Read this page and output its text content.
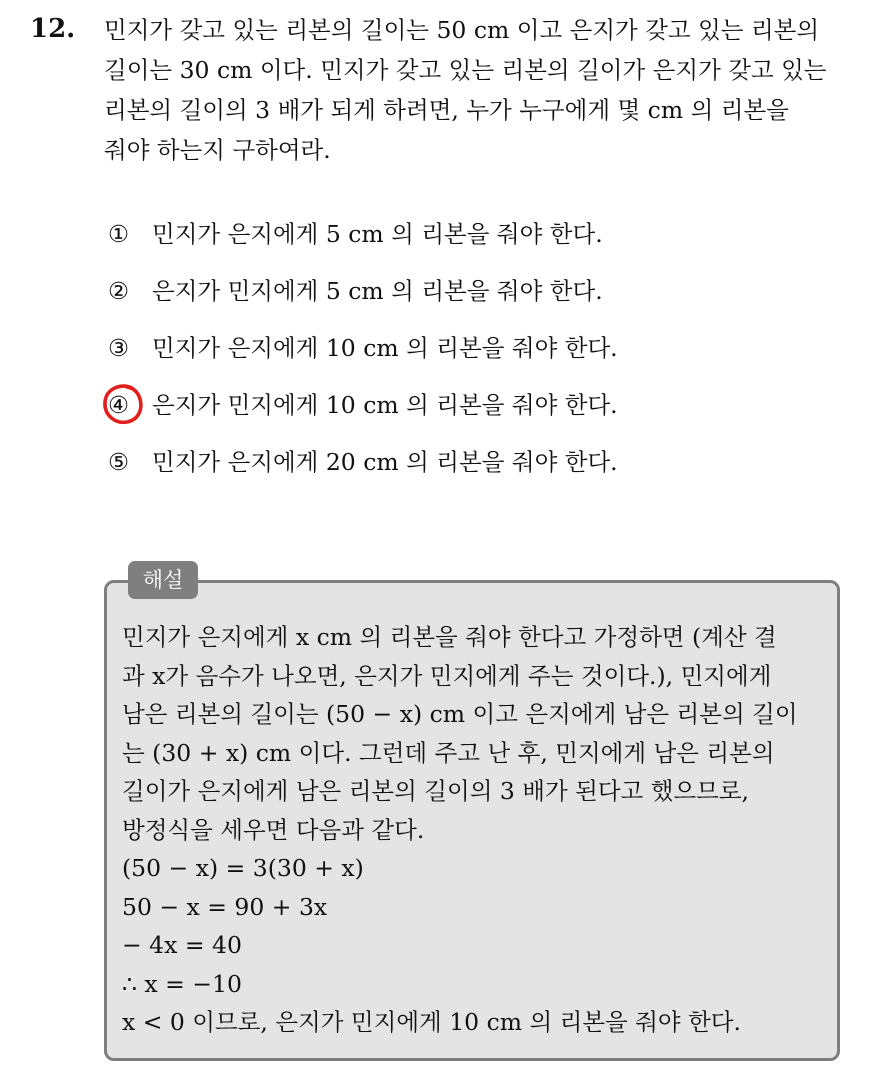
12. 민지가 갖고 있는 리본의 길이는 50 cm 이고 은지가 갖고 있는 리본의
길이는 30 cm 이다. 민지가 갖고 있는 리본의 길이가 은지가 갖고 있는
리본의 길이의 3 배가 되게 하려면, 누가 누구에게 몇 cm 의 리본을
줘야 하는지 구하여라.

① 민지가 은지에게 5 cm 의 리본을 줘야 한다.
② 은지가 민지에게 5 cm 의 리본을 줘야 한다.
③ 민지가 은지에게 10 cm 의 리본을 줘야 한다.
④ 은지가 민지에게 10 cm 의 리본을 줘야 한다.
⑤ 민지가 은지에게 20 cm 의 리본을 줘야 한다.
해설
민지가 은지에게 x cm 의 리본을 줘야 한다고 가정하면 (계산 결
과 x가 음수가 나오면, 은지가 민지에게 주는 것이다.), 민지에게
남은 리본의 길이는 (50 − x) cm 이고 은지에게 남은 리본의 길이
는 (30 + x) cm 이다. 그런데 주고 난 후, 민지에게 남은 리본의
길이가 은지에게 남은 리본의 길이의 3 배가 된다고 했으므로,
방정식을 세우면 다음과 같다.
(50 − x) = 3(30 + x)
50 − x = 90 + 3x
− 4x = 40
∴ x = −10
x < 0 이므로, 은지가 민지에게 10 cm 의 리본을 줘야 한다.
